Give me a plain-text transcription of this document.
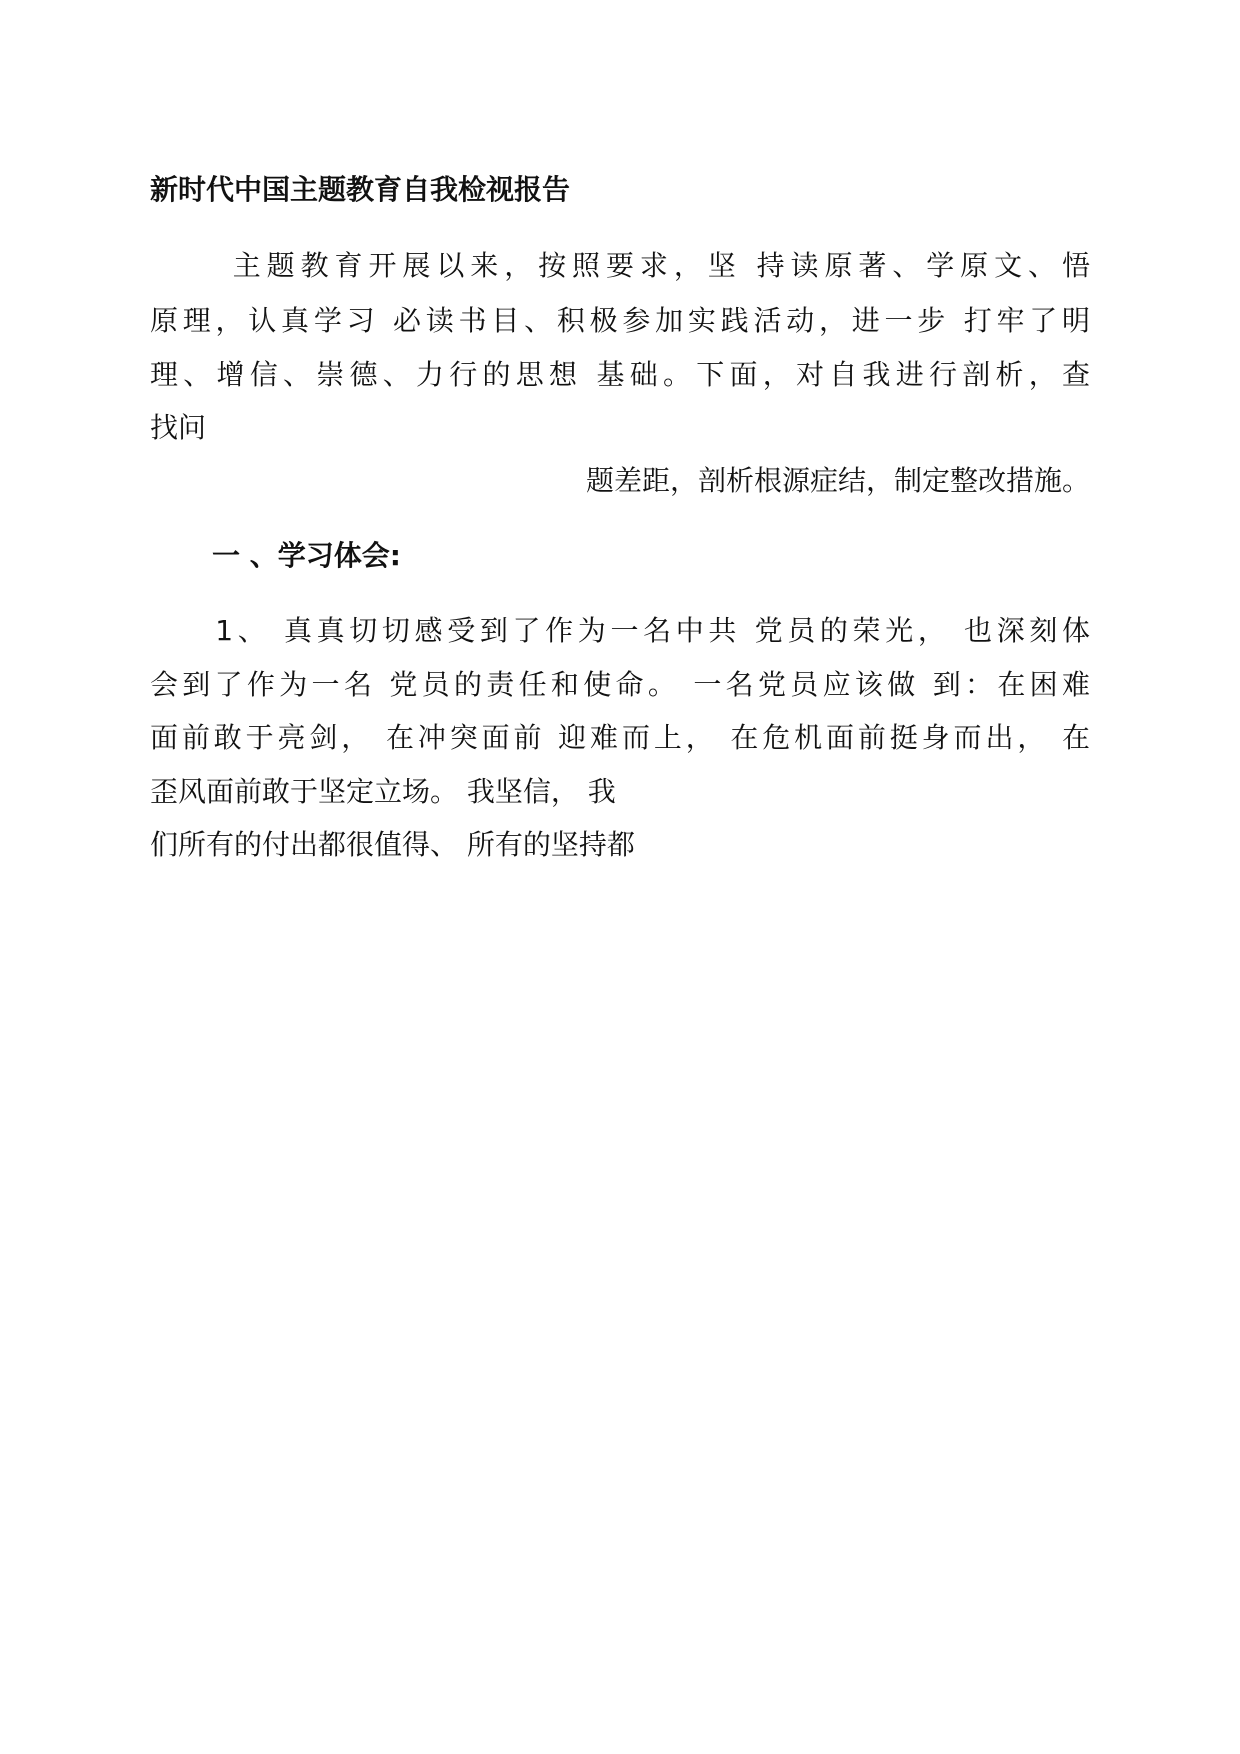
新时代中国主题教育自我检视报告
　　 主题教育开展以来，按照要求，坚 持读原著、学原文、悟
原理，认真学习 必读书目、积极参加实践活动，进一步 打牢了明
理、增信、崇德、力行的思想 基础。下面，对自我进行剖析，查
找问
题差距，剖析根源症结，制定整改措施。
一 、学习体会:
　　1、 真真切切感受到了作为一名中共 党员的荣光， 也深刻体
会到了作为一名 党员的责任和使命。 一名党员应该做 到：在困难
面前敢于亮剑， 在冲突面前 迎难而上， 在危机面前挺身而出， 在
歪风面前敢于坚定立场。 我坚信， 我
们所有的付出都很值得、 所有的坚持都
